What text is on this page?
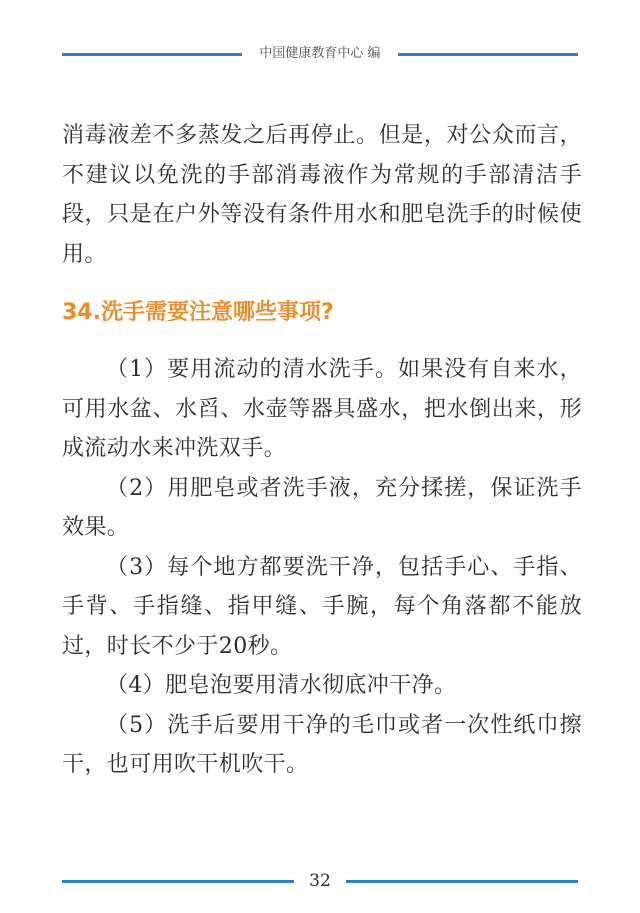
中国健康教育中心 编

消毒液差不多蒸发之后再停止。但是，对公众而言，不建议以免洗的手部消毒液作为常规的手部清洁手段，只是在户外等没有条件用水和肥皂洗手的时候使用。

34.洗手需要注意哪些事项?

（1）要用流动的清水洗手。如果没有自来水，可用水盆、水舀、水壶等器具盛水，把水倒出来，形成流动水来冲洗双手。

（2）用肥皂或者洗手液，充分揉搓，保证洗手效果。

（3）每个地方都要洗干净，包括手心、手指、手背、手指缝、指甲缝、手腕，每个角落都不能放过，时长不少于20秒。

（4）肥皂泡要用清水彻底冲干净。

（5）洗手后要用干净的毛巾或者一次性纸巾擦干，也可用吹干机吹干。

32
